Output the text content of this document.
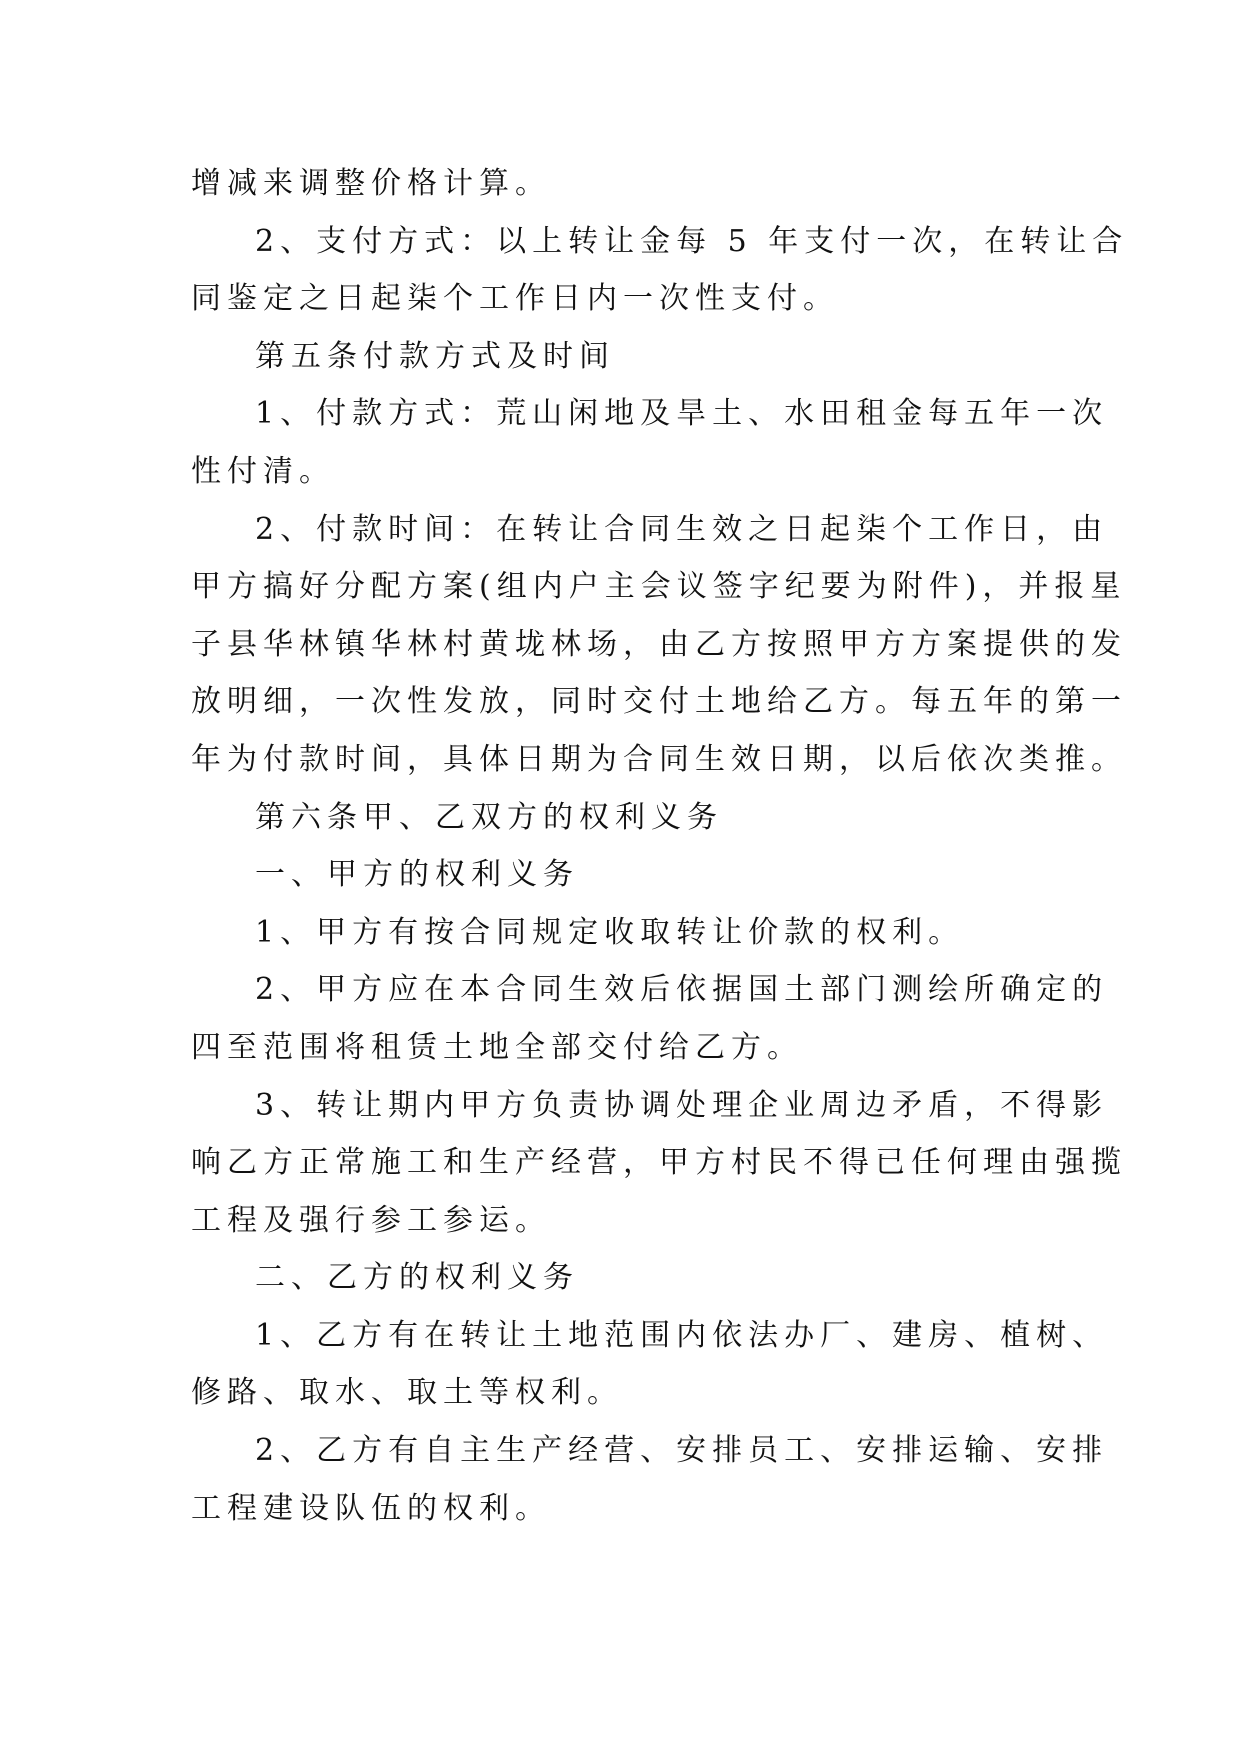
增减来调整价格计算。
2、支付方式：以上转让金每 5 年支付一次，在转让合
同鉴定之日起柒个工作日内一次性支付。
第五条付款方式及时间
1、付款方式：荒山闲地及旱土、水田租金每五年一次
性付清。
2、付款时间：在转让合同生效之日起柒个工作日，由
甲方搞好分配方案(组内户主会议签字纪要为附件)，并报星
子县华林镇华林村黄垅林场，由乙方按照甲方方案提供的发
放明细，一次性发放，同时交付土地给乙方。每五年的第一
年为付款时间，具体日期为合同生效日期，以后依次类推。
第六条甲、乙双方的权利义务
一、甲方的权利义务
1、甲方有按合同规定收取转让价款的权利。
2、甲方应在本合同生效后依据国土部门测绘所确定的
四至范围将租赁土地全部交付给乙方。
3、转让期内甲方负责协调处理企业周边矛盾，不得影
响乙方正常施工和生产经营，甲方村民不得已任何理由强揽
工程及强行参工参运。
二、乙方的权利义务
1、乙方有在转让土地范围内依法办厂、建房、植树、
修路、取水、取土等权利。
2、乙方有自主生产经营、安排员工、安排运输、安排
工程建设队伍的权利。
